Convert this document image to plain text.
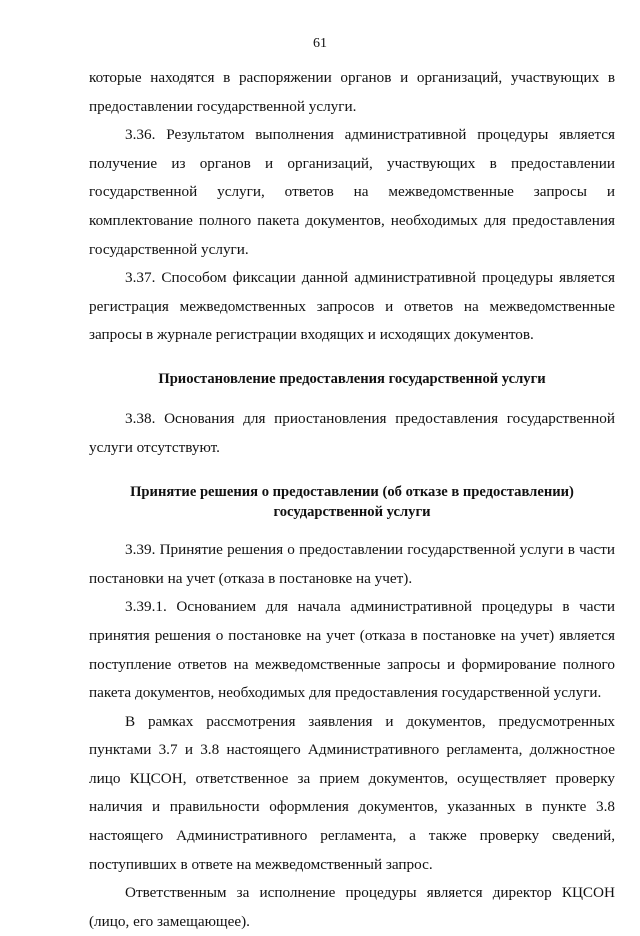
61

которые находятся в распоряжении органов и организаций, участвующих в предоставлении государственной услуги.

3.36. Результатом выполнения административной процедуры является получение из органов и организаций, участвующих в предоставлении государственной услуги, ответов на межведомственные запросы и комплектование полного пакета документов, необходимых для предоставления государственной услуги.

3.37. Способом фиксации данной административной процедуры является регистрация межведомственных запросов и ответов на межведомственные запросы в журнале регистрации входящих и исходящих документов.

Приостановление предоставления государственной услуги

3.38. Основания для приостановления предоставления государственной услуги отсутствуют.

Принятие решения о предоставлении (об отказе в предоставлении)
государственной услуги

3.39. Принятие решения о предоставлении государственной услуги в части постановки на учет (отказа в постановке на учет).

3.39.1. Основанием для начала административной процедуры в части принятия решения о постановке на учет (отказа в постановке на учет) является поступление ответов на межведомственные запросы и формирование полного пакета документов, необходимых для предоставления государственной услуги.

В рамках рассмотрения заявления и документов, предусмотренных пунктами 3.7 и 3.8 настоящего Административного регламента, должностное лицо КЦСОН, ответственное за прием документов, осуществляет проверку наличия и правильности оформления документов, указанных в пункте 3.8 настоящего Административного регламента, а также проверку сведений, поступивших в ответе на межведомственный запрос.

Ответственным за исполнение процедуры является директор КЦСОН (лицо, его замещающее).
